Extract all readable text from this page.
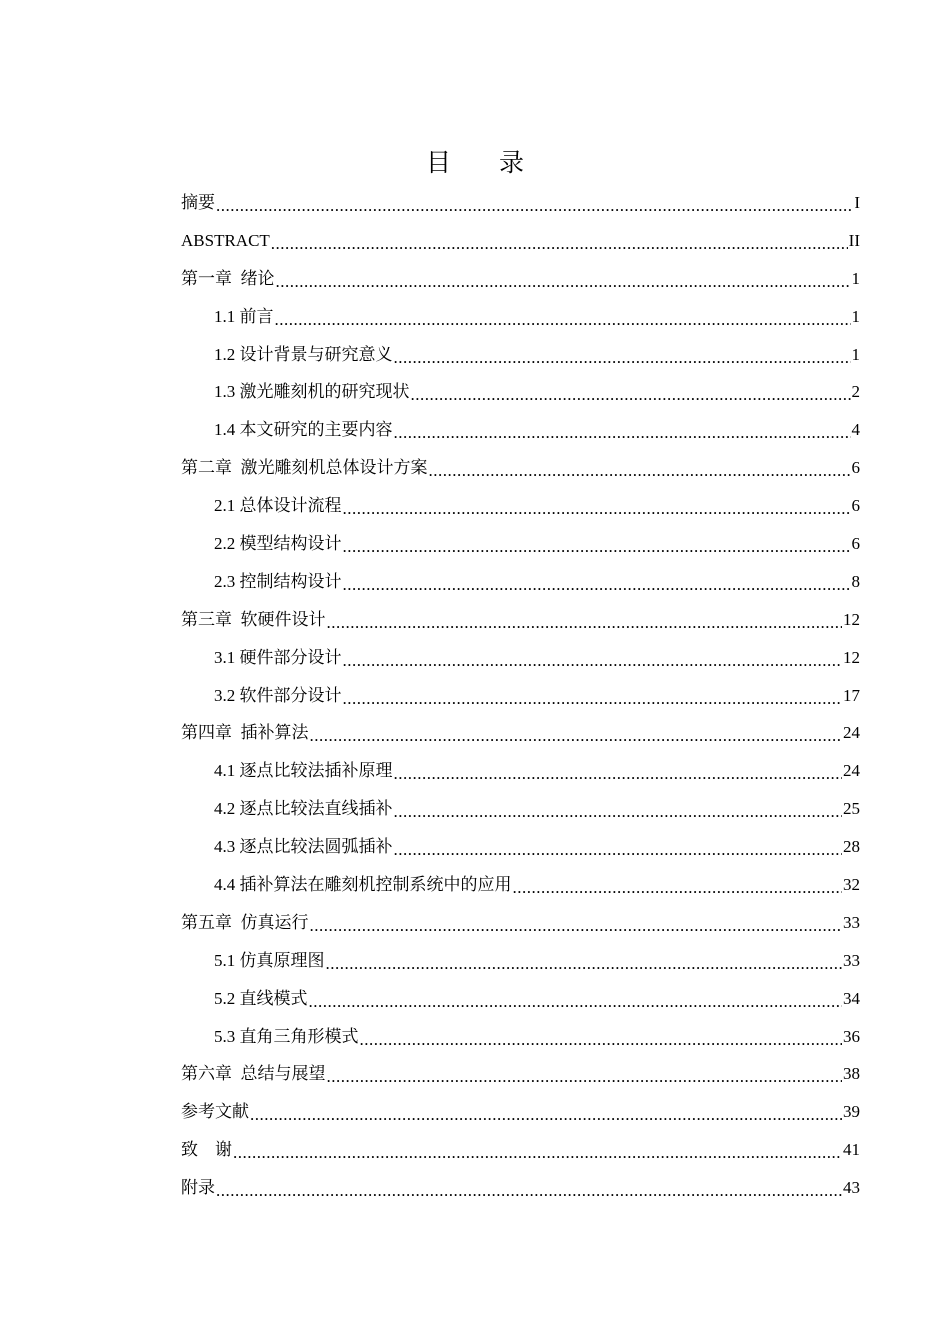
目 录
摘要 .....	I
ABSTRACT .....	II
第一章  绪论 .....	1
1.1 前言 .....	1
1.2 设计背景与研究意义 .....	1
1.3 激光雕刻机的研究现状 .....	2
1.4 本文研究的主要内容 .....	4
第二章  激光雕刻机总体设计方案 .....	6
2.1 总体设计流程 .....	6
2.2 模型结构设计 .....	6
2.3 控制结构设计 .....	8
第三章  软硬件设计 .....	12
3.1 硬件部分设计 .....	12
3.2 软件部分设计 .....	17
第四章  插补算法 .....	24
4.1 逐点比较法插补原理 .....	24
4.2 逐点比较法直线插补 .....	25
4.3 逐点比较法圆弧插补 .....	28
4.4 插补算法在雕刻机控制系统中的应用 .....	32
第五章  仿真运行 .....	33
5.1 仿真原理图 .....	33
5.2 直线模式 .....	34
5.3 直角三角形模式 .....	36
第六章  总结与展望 .....	38
参考文献 .....	39
致    谢 .....	41
附录 .....	43
